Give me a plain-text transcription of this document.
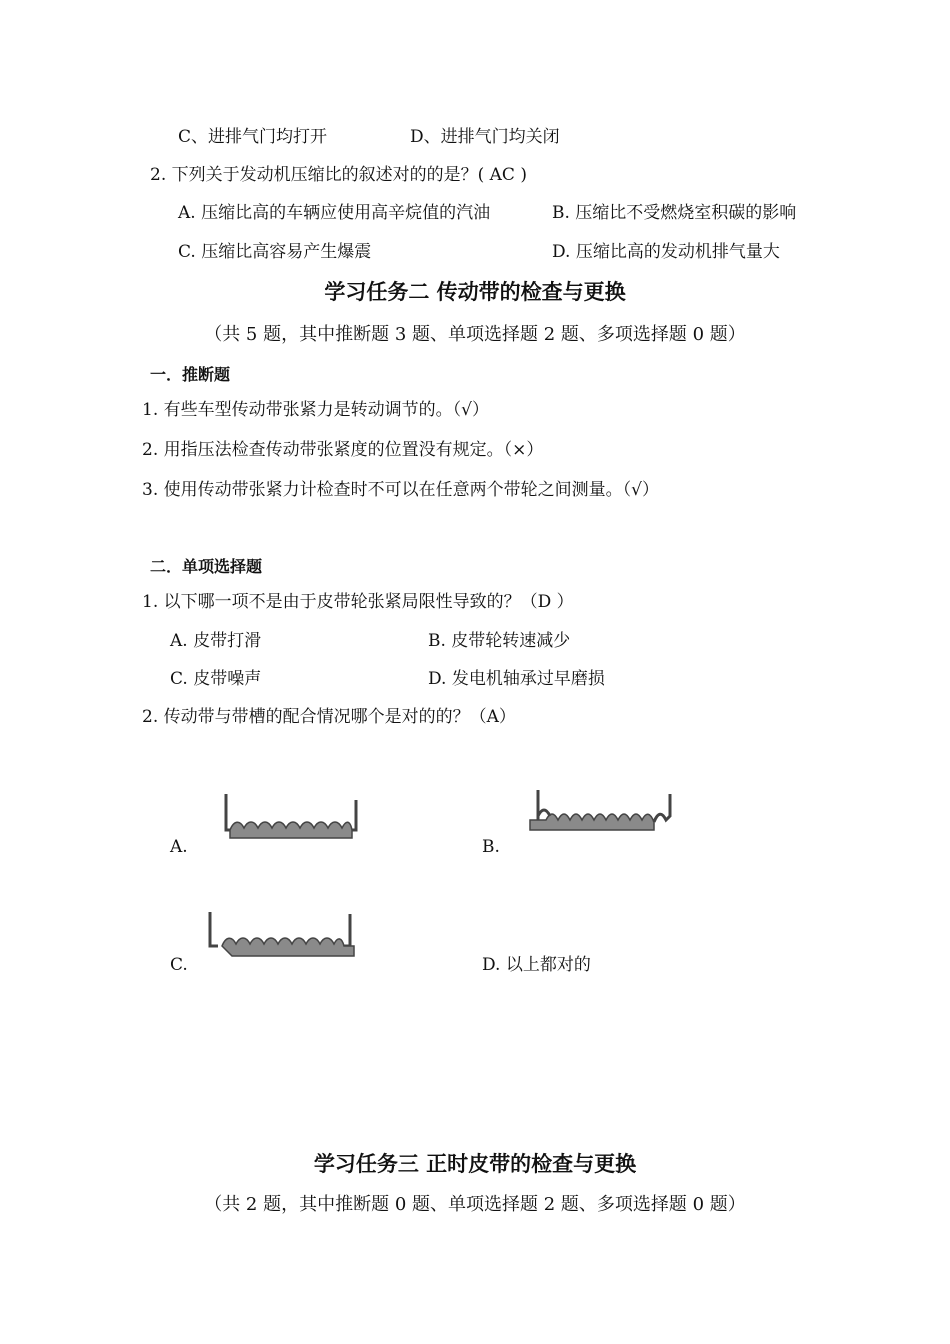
C、进排气门均打开	D、进排气门均关闭
2. 下列关于发动机压缩比的叙述对的的是？( AC )
A. 压缩比高的车辆应使用高辛烷值的汽油	B. 压缩比不受燃烧室积碳的影响
C. 压缩比高容易产生爆震	D. 压缩比高的发动机排气量大
学习任务二 传动带的检查与更换
（共 5 题，其中推断题 3 题、单项选择题 2 题、多项选择题 0 题）
一．推断题
1. 有些车型传动带张紧力是转动调节的。（√）
2. 用指压法检查传动带张紧度的位置没有规定。（×）
3. 使用传动带张紧力计检查时不可以在任意两个带轮之间测量。（√）
二．单项选择题
1. 以下哪一项不是由于皮带轮张紧局限性导致的？（D ）
A. 皮带打滑	B. 皮带轮转速减少
C. 皮带噪声	D. 发电机轴承过早磨损
2. 传动带与带槽的配合情况哪个是对的的？（A）
A.	B.
C.	D. 以上都对的
学习任务三 正时皮带的检查与更换
（共 2 题，其中推断题 0 题、单项选择题 2 题、多项选择题 0 题）
